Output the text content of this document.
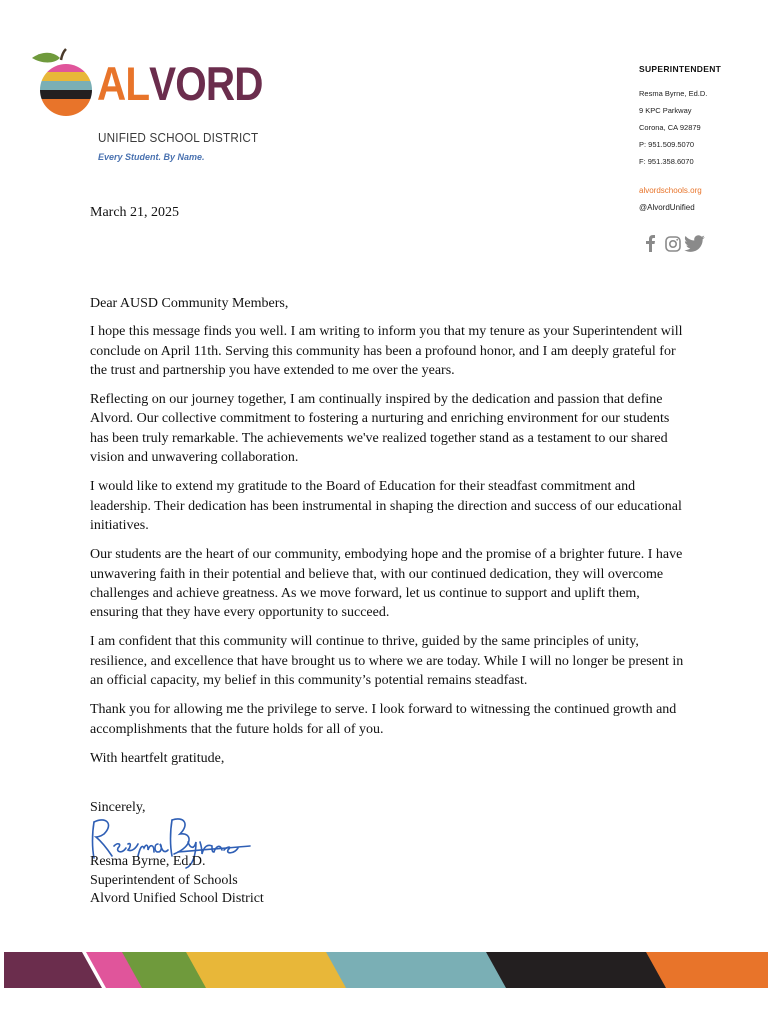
ALVORD
UNIFIED SCHOOL DISTRICT
Every Student. By Name.
SUPERINTENDENT
Resma Byrne, Ed.D.
9 KPC Parkway
Corona, CA 92879
P: 951.509.5070
F: 951.358.6070
alvordschools.org
@AlvordUnified
March 21, 2025

Dear AUSD Community Members,

I hope this message finds you well. I am writing to inform you that my tenure as your Superintendent will conclude on April 11th. Serving this community has been a profound honor, and I am deeply grateful for the trust and partnership you have extended to me over the years.

Reflecting on our journey together, I am continually inspired by the dedication and passion that define Alvord. Our collective commitment to fostering a nurturing and enriching environment for our students has been truly remarkable. The achievements we've realized together stand as a testament to our shared vision and unwavering collaboration.

I would like to extend my gratitude to the Board of Education for their steadfast commitment and leadership. Their dedication has been instrumental in shaping the direction and success of our educational initiatives.

Our students are the heart of our community, embodying hope and the promise of a brighter future. I have unwavering faith in their potential and believe that, with our continued dedication, they will overcome challenges and achieve greatness. As we move forward, let us continue to support and uplift them, ensuring that they have every opportunity to succeed.

I am confident that this community will continue to thrive, guided by the same principles of unity, resilience, and excellence that have brought us to where we are today. While I will no longer be present in an official capacity, my belief in this community’s potential remains steadfast.

Thank you for allowing me the privilege to serve. I look forward to witnessing the continued growth and accomplishments that the future holds for all of you.

With heartfelt gratitude,

Sincerely,
Resma Byrne, Ed.D.
Superintendent of Schools
Alvord Unified School District
